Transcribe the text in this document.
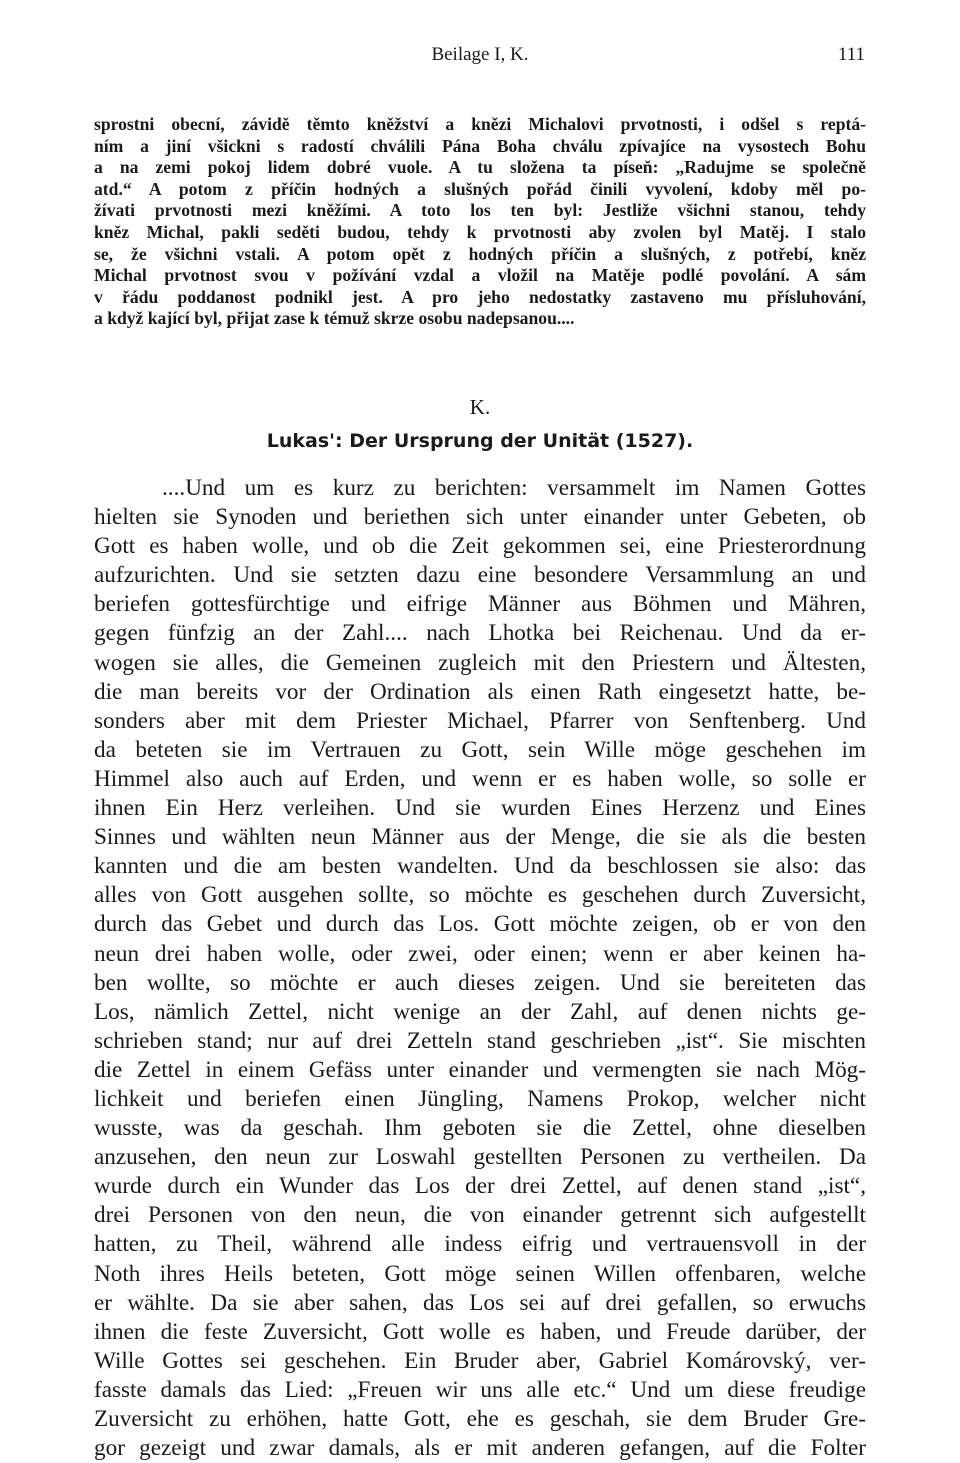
Beilage I, K.	111
sprostni obecní, závidě těmto kněžství a knězi Michalovi prvotnosti, i odšel s reptá-
ním a jiní všickni s radostí chválili Pána Boha chválu zpívajíce na vysostech Bohu
a na zemi pokoj lidem dobré vuole. A tu složena ta píseň: „Radujme se společně
atd.“ A potom z příčin hodných a slušných pořád činili vyvolení, kdoby měl po-
žívati prvotnosti mezi kněžími. A toto los ten byl: Jestliže všichni stanou, tehdy
kněz Michal, pakli seděti budou, tehdy k prvotnosti aby zvolen byl Matěj. I stalo
se, že všichni vstali. A potom opět z hodných příčin a slušných, z potřebí, kněz
Michal prvotnost svou v požívání vzdal a vložil na Matěje podlé povolání. A sám
v řádu poddanost podnikl jest. A pro jeho nedostatky zastaveno mu přísluhování,
a když kající byl, přijat zase k témuž skrze osobu nadepsanou....
K.
Lukas': Der Ursprung der Unität (1527).
....Und um es kurz zu berichten: versammelt im Namen Gottes
hielten sie Synoden und beriethen sich unter einander unter Gebeten, ob
Gott es haben wolle, und ob die Zeit gekommen sei, eine Priesterordnung
aufzurichten. Und sie setzten dazu eine besondere Versammlung an und
beriefen gottesfürchtige und eifrige Männer aus Böhmen und Mähren,
gegen fünfzig an der Zahl.... nach Lhotka bei Reichenau. Und da er-
wogen sie alles, die Gemeinen zugleich mit den Priestern und Ältesten,
die man bereits vor der Ordination als einen Rath eingesetzt hatte, be-
sonders aber mit dem Priester Michael, Pfarrer von Senftenberg. Und
da beteten sie im Vertrauen zu Gott, sein Wille möge geschehen im
Himmel also auch auf Erden, und wenn er es haben wolle, so solle er
ihnen Ein Herz verleihen. Und sie wurden Eines Herzenz und Eines
Sinnes und wählten neun Männer aus der Menge, die sie als die besten
kannten und die am besten wandelten. Und da beschlossen sie also: das
alles von Gott ausgehen sollte, so möchte es geschehen durch Zuversicht,
durch das Gebet und durch das Los. Gott möchte zeigen, ob er von den
neun drei haben wolle, oder zwei, oder einen; wenn er aber keinen ha-
ben wollte, so möchte er auch dieses zeigen. Und sie bereiteten das
Los, nämlich Zettel, nicht wenige an der Zahl, auf denen nichts ge-
schrieben stand; nur auf drei Zetteln stand geschrieben „ist“. Sie mischten
die Zettel in einem Gefäss unter einander und vermengten sie nach Mög-
lichkeit und beriefen einen Jüngling, Namens Prokop, welcher nicht
wusste, was da geschah. Ihm geboten sie die Zettel, ohne dieselben
anzusehen, den neun zur Loswahl gestellten Personen zu vertheilen. Da
wurde durch ein Wunder das Los der drei Zettel, auf denen stand „ist“,
drei Personen von den neun, die von einander getrennt sich aufgestellt
hatten, zu Theil, während alle indess eifrig und vertrauensvoll in der
Noth ihres Heils beteten, Gott möge seinen Willen offenbaren, welche
er wählte. Da sie aber sahen, das Los sei auf drei gefallen, so erwuchs
ihnen die feste Zuversicht, Gott wolle es haben, und Freude darüber, der
Wille Gottes sei geschehen. Ein Bruder aber, Gabriel Komárovský, ver-
fasste damals das Lied: „Freuen wir uns alle etc.“ Und um diese freudige
Zuversicht zu erhöhen, hatte Gott, ehe es geschah, sie dem Bruder Gre-
gor gezeigt und zwar damals, als er mit anderen gefangen, auf die Folter
